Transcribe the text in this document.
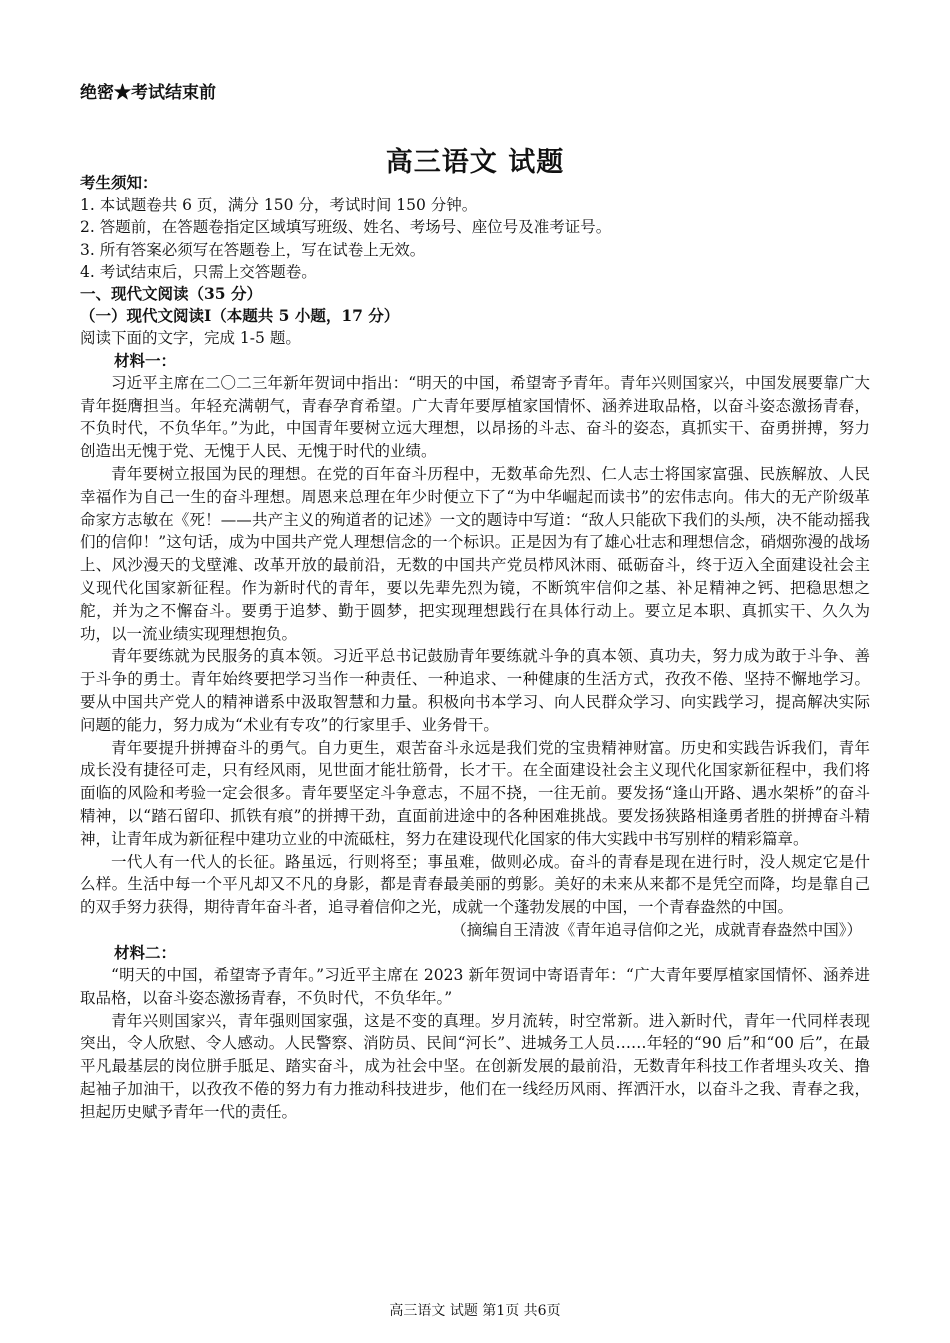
绝密★考试结束前
高三语文 试题
考生须知：
1. 本试题卷共 6 页，满分 150 分，考试时间 150 分钟。
2. 答题前，在答题卷指定区域填写班级、姓名、考场号、座位号及准考证号。
3. 所有答案必须写在答题卷上，写在试卷上无效。
4. 考试结束后，只需上交答题卷。
一、现代文阅读（35 分）
（一）现代文阅读Ⅰ（本题共 5 小题，17 分）
阅读下面的文字，完成 1-5 题。
材料一：

习近平主席在二〇二三年新年贺词中指出：“明天的中国，希望寄予青年。青年兴则国家兴，中国发展要靠广大青年挺膺担当。年轻充满朝气，青春孕育希望。广大青年要厚植家国情怀、涵养进取品格，以奋斗姿态激扬青春，不负时代，不负华年。”为此，中国青年要树立远大理想，以昂扬的斗志、奋斗的姿态，真抓实干、奋勇拼搏，努力创造出无愧于党、无愧于人民、无愧于时代的业绩。

青年要树立报国为民的理想。在党的百年奋斗历程中，无数革命先烈、仁人志士将国家富强、民族解放、人民幸福作为自己一生的奋斗理想。周恩来总理在年少时便立下了“为中华崛起而读书”的宏伟志向。伟大的无产阶级革命家方志敏在《死！——共产主义的殉道者的记述》一文的题诗中写道：“敌人只能砍下我们的头颅，决不能动摇我们的信仰！”这句话，成为中国共产党人理想信念的一个标识。正是因为有了雄心壮志和理想信念，硝烟弥漫的战场上、风沙漫天的戈壁滩、改革开放的最前沿，无数的中国共产党员栉风沐雨、砥砺奋斗，终于迈入全面建设社会主义现代化国家新征程。作为新时代的青年，要以先辈先烈为镜，不断筑牢信仰之基、补足精神之钙、把稳思想之舵，并为之不懈奋斗。要勇于追梦、勤于圆梦，把实现理想践行在具体行动上。要立足本职、真抓实干、久久为功，以一流业绩实现理想抱负。

青年要练就为民服务的真本领。习近平总书记鼓励青年要练就斗争的真本领、真功夫，努力成为敢于斗争、善于斗争的勇士。青年始终要把学习当作一种责任、一种追求、一种健康的生活方式，孜孜不倦、坚持不懈地学习。要从中国共产党人的精神谱系中汲取智慧和力量。积极向书本学习、向人民群众学习、向实践学习，提高解决实际问题的能力，努力成为“术业有专攻”的行家里手、业务骨干。

青年要提升拼搏奋斗的勇气。自力更生，艰苦奋斗永远是我们党的宝贵精神财富。历史和实践告诉我们，青年成长没有捷径可走，只有经风雨，见世面才能壮筋骨，长才干。在全面建设社会主义现代化国家新征程中，我们将面临的风险和考验一定会很多。青年要坚定斗争意志，不屈不挠，一往无前。要发扬“逢山开路、遇水架桥”的奋斗精神，以“踏石留印、抓铁有痕”的拼搏干劲，直面前进途中的各种困难挑战。要发扬狭路相逢勇者胜的拼搏奋斗精神，让青年成为新征程中建功立业的中流砥柱，努力在建设现代化国家的伟大实践中书写别样的精彩篇章。

一代人有一代人的长征。路虽远，行则将至；事虽难，做则必成。奋斗的青春是现在进行时，没人规定它是什么样。生活中每一个平凡却又不凡的身影，都是青春最美丽的剪影。美好的未来从来都不是凭空而降，均是靠自己的双手努力获得，期待青年奋斗者，追寻着信仰之光，成就一个蓬勃发展的中国，一个青春盎然的中国。

（摘编自王清波《青年追寻信仰之光，成就青春盎然中国》）
材料二：

“明天的中国，希望寄予青年。”习近平主席在 2023 新年贺词中寄语青年：“广大青年要厚植家国情怀、涵养进取品格，以奋斗姿态激扬青春，不负时代，不负华年。”

青年兴则国家兴，青年强则国家强，这是不变的真理。岁月流转，时空常新。进入新时代，青年一代同样表现突出，令人欣慰、令人感动。人民警察、消防员、民间“河长”、进城务工人员……年轻的“90 后”和“00 后”，在最平凡最基层的岗位胼手胝足、踏实奋斗，成为社会中坚。在创新发展的最前沿，无数青年科技工作者埋头攻关、撸起袖子加油干，以孜孜不倦的努力有力推动科技进步，他们在一线经历风雨、挥洒汗水，以奋斗之我、青春之我，担起历史赋予青年一代的责任。

高三语文 试题 第1页 共6页
